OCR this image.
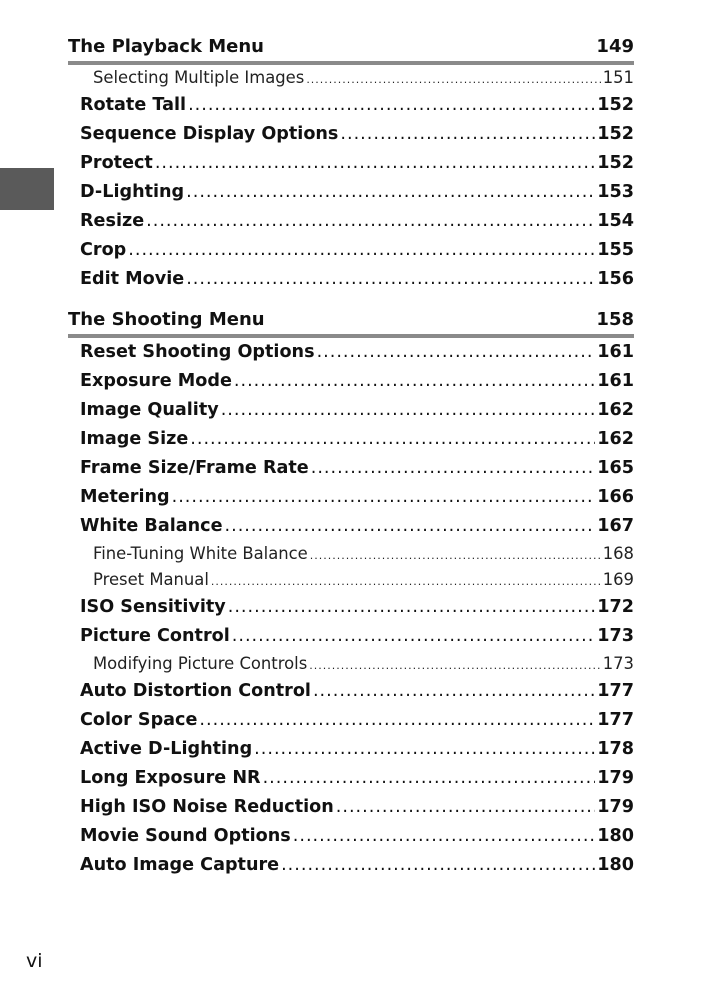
The Playback Menu	149
Selecting Multiple Images .....	151
Rotate Tall .....	152
Sequence Display Options .....	152
Protect .....	152
D-Lighting .....	153
Resize .....	154
Crop .....	155
Edit Movie .....	156
The Shooting Menu	158
Reset Shooting Options .....	161
Exposure Mode .....	161
Image Quality .....	162
Image Size .....	162
Frame Size/Frame Rate .....	165
Metering .....	166
White Balance .....	167
Fine-Tuning White Balance .....	168
Preset Manual .....	169
ISO Sensitivity .....	172
Picture Control .....	173
Modifying Picture Controls .....	173
Auto Distortion Control .....	177
Color Space .....	177
Active D-Lighting .....	178
Long Exposure NR .....	179
High ISO Noise Reduction .....	179
Movie Sound Options .....	180
Auto Image Capture .....	180
vi
